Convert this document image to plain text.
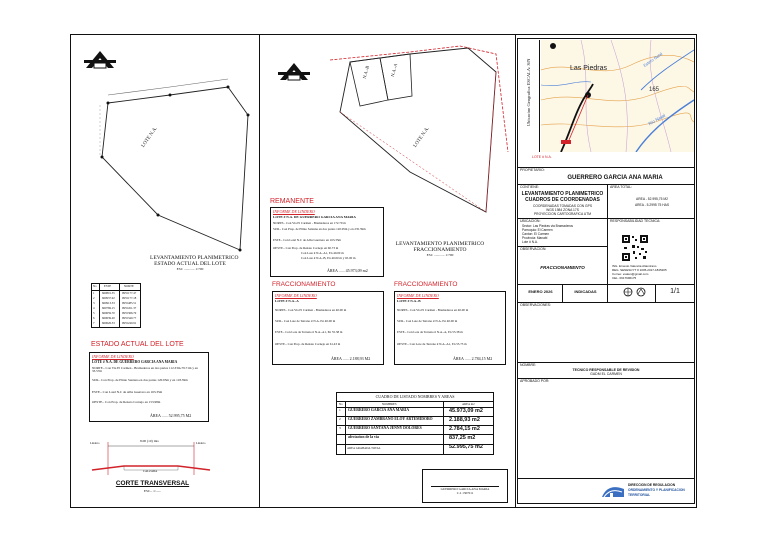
LOTE N.A.
LEVANTAMIENTO PLANIMETRICO
ESTADO ACTUAL DEL LOTE
ESC ............ 1:700
No ESTE	NORTE
1	660801.35 9955177.47
2	660937.92 9955177.18
3	660913.33 9955485.51
4	660769.15 9955451.37
5	660659.70 9955366.79
6	660639.20 9955340.77
7	660626.33 9955240.91
ESTADO ACTUAL DEL LOTE
INFORME DE LINDERO
LOTE # N.A. DE GUERRERO GARCIA ANA MARIA
NORTE.- Con Via El Carmen - Bramaderos en dos partes 112.33m-79.71m y en 33.57m
SUR.- Con Prop. de Plinio Santana en dos partes 120.95m y en 118.39m
ESTE.- Con Lotel N.C de Alba Guerrero en 163.35m
OESTE.- Con Prop. de Renato Cornejo en 153.98m
ÁREA ...... 52.995,75 M2
Lindero	Lindero
8.00 (10) mts
CALZADA
CORTE TRANSVERSAL
ESC.- 1:......
N.A.-B	N.A.-A
LOTE N.A.
LEVANTAMIENTO PLANIMETRICO
FRACCIONAMIENTO
ESC ............ 1:700
REMANENTE
INFORME DE LINDERO
LOTE # N.A. DE GUERRERO GARCIA ANA MARIA
NORTE.- Con Via El Carmen - Bramaderos en 172.79 m
SUR.- Con Prop. de Plinio Santana en dos partes 120.95m y en 235.59m
ESTE.- Con Lotel N.C de Alba Guerrero en 163.35m
OESTE.- Con Prop. de Renato Cornejo en 60.73 m
Con Lote # N.A.-A1, En 40.00 m
Con Lote # N.A.-B, En 40.00 m y 65.00 m
ÁREA ...... 45.973,09 m2
FRACCIONAMIENTO
INFORME DE LINDERO
LOTE # N.A.-A
NORTE.- Con Via El Carmen - Bramaderos en 40.00 m
SUR.- Con Lote de Terreno # N.A. En 40.00 m
ESTE.- Con Lote de Terreno # N.A.-A1, En 55.38 m
OESTE.- Con Prop. de Renato Cornejo en 61.43 m
ÁREA ...... 2.188,93 M2
FRACCIONAMIENTO
INFORME DE LINDERO
LOTE # N.A.-B
NORTE.- Con Via El Carmen - Bramaderos en 40.00 m
SUR.- Con Lote de Terreno # N.A. En 40.00 m
ESTE.- Con Lote de Terreno # N.A.-A, En 55.38 m
OESTE.- Con Lote de Terreno # N.A.-A1, En 55.73 m
ÁREA ...... 2.784,15 M2
CUADRO DE LISTADO NOMBRES Y AREAS
No	NOMBRES	AREA m2
1 GUERRERO GARCIA ANA MARIA	45.973,09 m2
2 GUERRERO ZAMBRANO ELOY ARTEMIDORO	2.188,93 m2
3 GUERRERO SANTANA JENNY DOLORES	2.784,15 m2
afectacion de la via	837,25 m2
AREA GRABADA TOTAL	52.995,75 m2
GUERRERO GARCIA ANA MARIA
C.I. 1307011
Ubicacion Geografica ESCALA: S/N	Las Piedras
165
Estero Natal
Rio Natal
LOTE # N.A.
PROPIETARIO:
GUERRERO GARCIA ANA MARIA
CONTIENE:
LEVANTAMIENTO PLANIMETRICO
CUADROS DE COORDENADAS
COORDENADAS TOMADAS CON GPS
WGS 1984 ZONA 17S
PROYECCION CARTOGRAFICA UTM
AREA TOTAL:
AREA - 52.995,75 M2
AREA - 5.2995 75 HAS
UBICACION:
Sector: Las Piedras via Bramaderos
Parroquia: El Carmen
Canton: El Carmen
Provincia: Manabi
Lote # N.A.
RESPONSABILIDAD TECNICA:
ING. Ernesto Valencia Altamirano
REG. SENESCYT # 1005-2017-1845205
Correo: evalen@gmail.com
CEL. 0917996175
OBSERVACION:
FRACCIONAMIENTO
ENERO 2026	INDICADAS	1/1
OBSERVACIONES:
NOMBRE:
TECNICO RESPONSABLE DE REVISION
GADM EL CARMEN
APROBADO POR:
DIRECCION DE REGULACION
ORDENAMIENTO Y PLANIFICACION
TERRITORIAL
